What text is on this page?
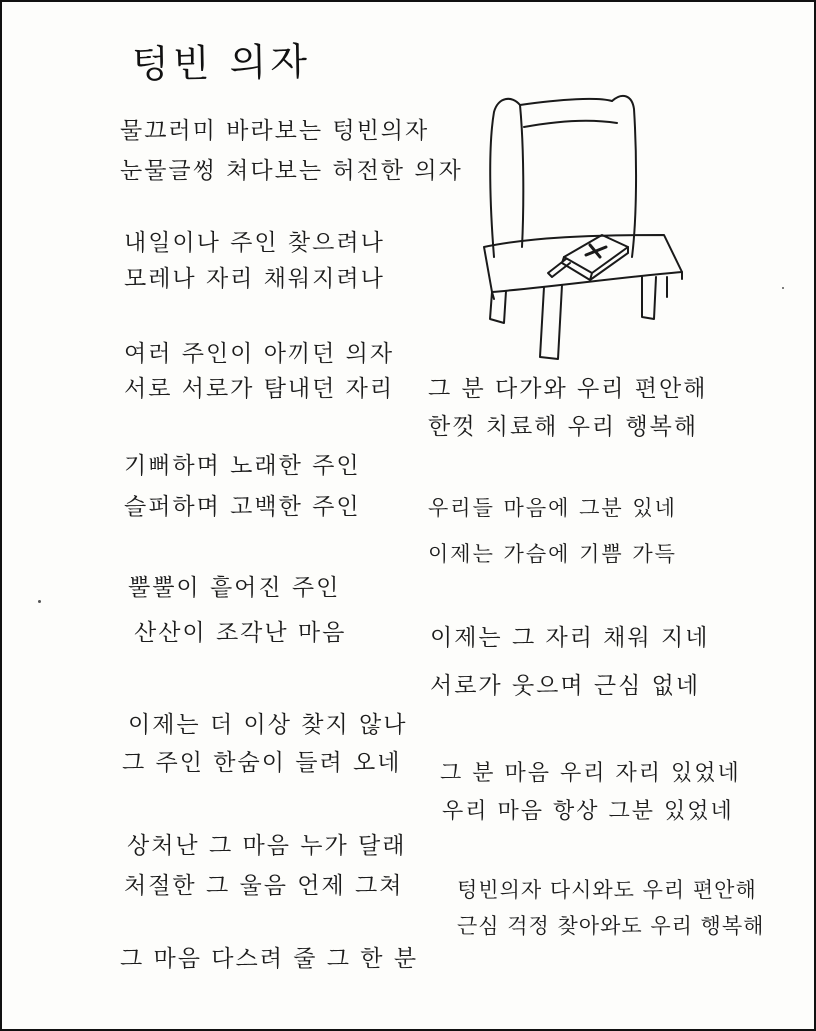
텅빈 의자
물끄러미 바라보는 텅빈의자
눈물글썽 쳐다보는 허전한 의자
내일이나 주인 찾으려나
모레나 자리 채워지려나
여러 주인이 아끼던 의자
서로 서로가 탐내던 자리
기뻐하며 노래한 주인
슬퍼하며 고백한 주인
뿔뿔이 흩어진 주인
산산이 조각난 마음
이제는 더 이상 찾지 않나
그 주인 한숨이 들려 오네
상처난 그 마음 누가 달래
처절한 그 울음 언제 그쳐
그 마음 다스려 줄 그 한 분
그 분 다가와 우리 편안해
한껏 치료해 우리 행복해
우리들 마음에 그분 있네
이제는 가슴에 기쁨 가득
이제는 그 자리 채워 지네
서로가 웃으며 근심 없네
그 분 마음 우리 자리 있었네
우리 마음 항상 그분 있었네
텅빈의자 다시와도 우리 편안해
근심 걱정 찾아와도 우리 행복해
